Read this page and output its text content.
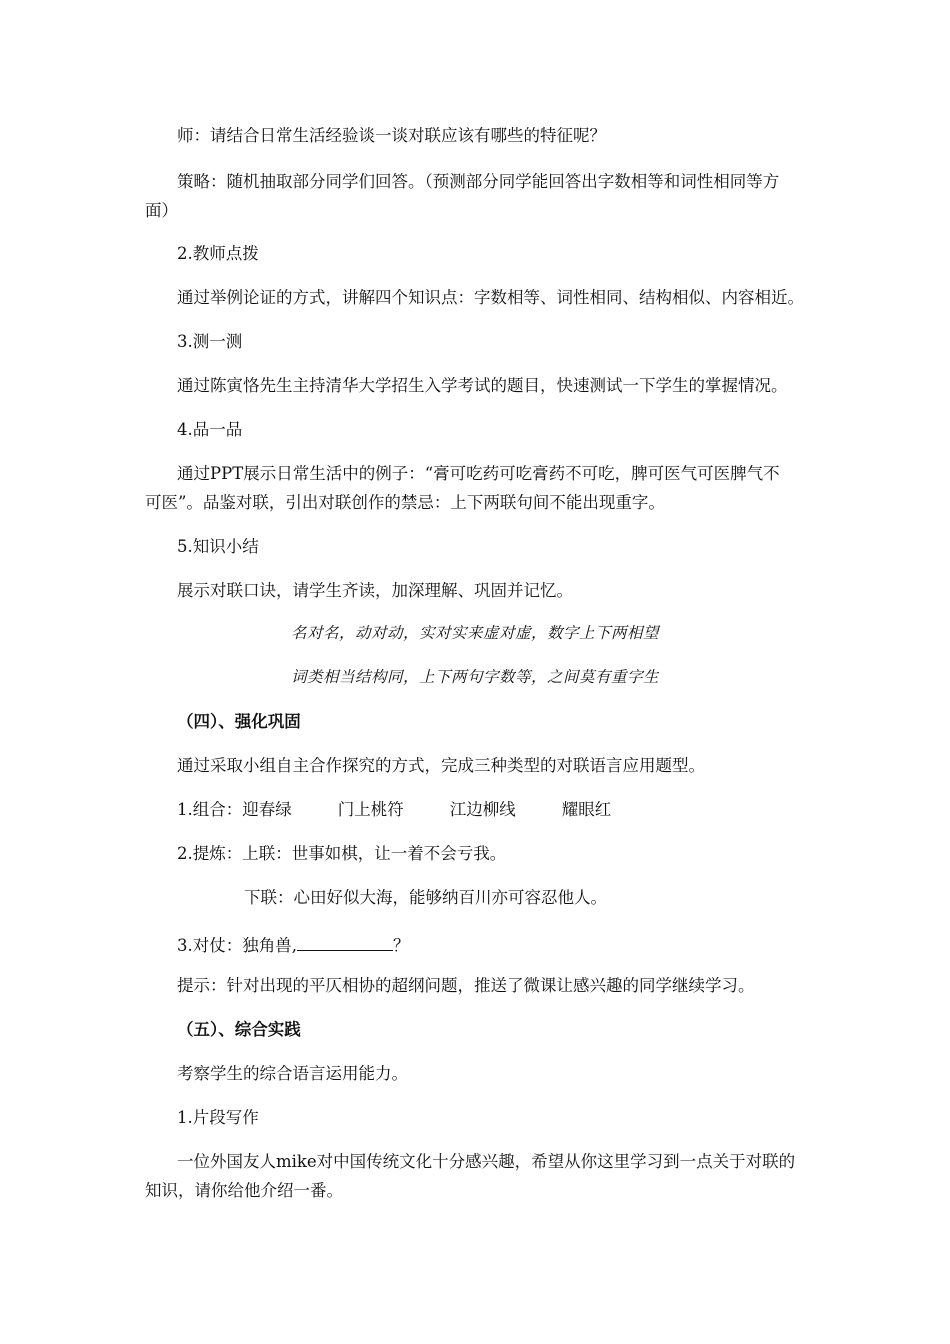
师：请结合日常生活经验谈一谈对联应该有哪些的特征呢？
策略：随机抽取部分同学们回答。（预测部分同学能回答出字数相等和词性相同等方
面）
2.教师点拨
通过举例论证的方式，讲解四个知识点：字数相等、词性相同、结构相似、内容相近。
3.测一测
通过陈寅恪先生主持清华大学招生入学考试的题目，快速测试一下学生的掌握情况。
4.品一品
通过PPT展示日常生活中的例子：“膏可吃药可吃膏药不可吃，脾可医气可医脾气不
可医”。品鉴对联，引出对联创作的禁忌：上下两联句间不能出现重字。
5.知识小结
展示对联口诀，请学生齐读，加深理解、巩固并记忆。
名对名，动对动，实对实来虚对虚，数字上下两相望
词类相当结构同，上下两句字数等，之间莫有重字生
（四）、强化巩固
通过采取小组自主合作探究的方式，完成三种类型的对联语言应用题型。
1.组合：迎春绿	门上桃符	江边柳线	耀眼红
2.提炼：上联：世事如棋，让一着不会亏我。
下联：心田好似大海，能够纳百川亦可容忍他人。
3.对仗：独角兽,	？
提示：针对出现的平仄相协的超纲问题，推送了微课让感兴趣的同学继续学习。
（五）、综合实践
考察学生的综合语言运用能力。
1.片段写作
一位外国友人mike对中国传统文化十分感兴趣，希望从你这里学习到一点关于对联的
知识，请你给他介绍一番。
